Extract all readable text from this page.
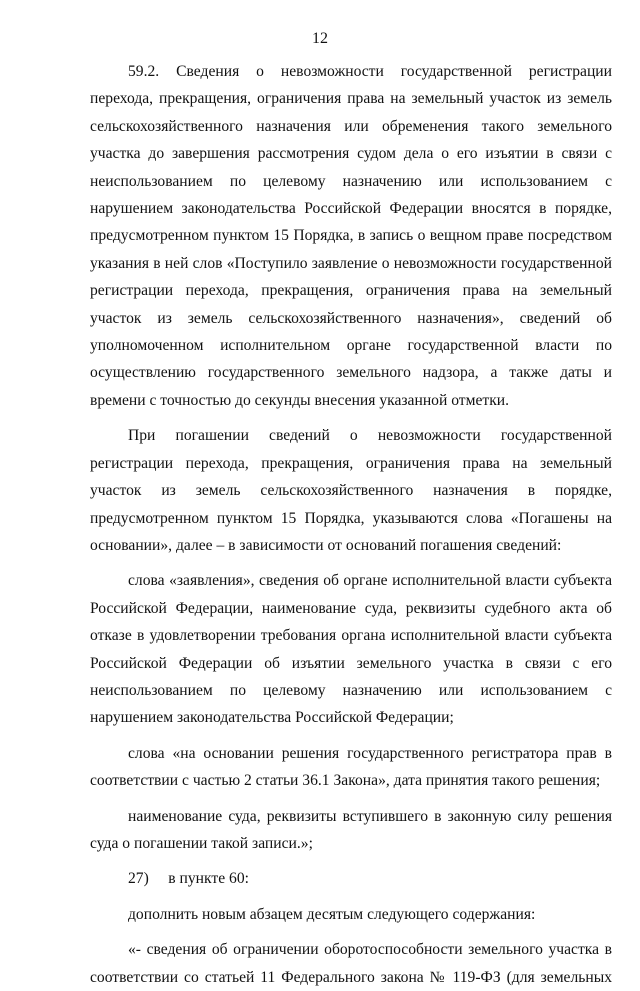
12

59.2. Сведения о невозможности государственной регистрации перехода, прекращения, ограничения права на земельный участок из земель сельскохозяйственного назначения или обременения такого земельного участка до завершения рассмотрения судом дела о его изъятии в связи с неиспользованием по целевому назначению или использованием с нарушением законодательства Российской Федерации вносятся в порядке, предусмотренном пунктом 15 Порядка, в запись о вещном праве посредством указания в ней слов «Поступило заявление о невозможности государственной регистрации перехода, прекращения, ограничения права на земельный участок из земель сельскохозяйственного назначения», сведений об уполномоченном исполнительном органе государственной власти по осуществлению государственного земельного надзора, а также даты и времени с точностью до секунды внесения указанной отметки.

При погашении сведений о невозможности государственной регистрации перехода, прекращения, ограничения права на земельный участок из земель сельскохозяйственного назначения в порядке, предусмотренном пунктом 15 Порядка, указываются слова «Погашены на основании», далее – в зависимости от оснований погашения сведений:

слова «заявления», сведения об органе исполнительной власти субъекта Российской Федерации, наименование суда, реквизиты судебного акта об отказе в удовлетворении требования органа исполнительной власти субъекта Российской Федерации об изъятии земельного участка в связи с его неиспользованием по целевому назначению или использованием с нарушением законодательства Российской Федерации;

слова «на основании решения государственного регистратора прав в соответствии с частью 2 статьи 36.1 Закона», дата принятия такого решения;

наименование суда, реквизиты вступившего в законную силу решения суда о погашении такой записи.»;

27)     в пункте 60:

дополнить новым абзацем десятым следующего содержания:

«- сведения об ограничении оборотоспособности земельного участка в соответствии со статьей 11 Федерального закона № 119-ФЗ (для земельных
